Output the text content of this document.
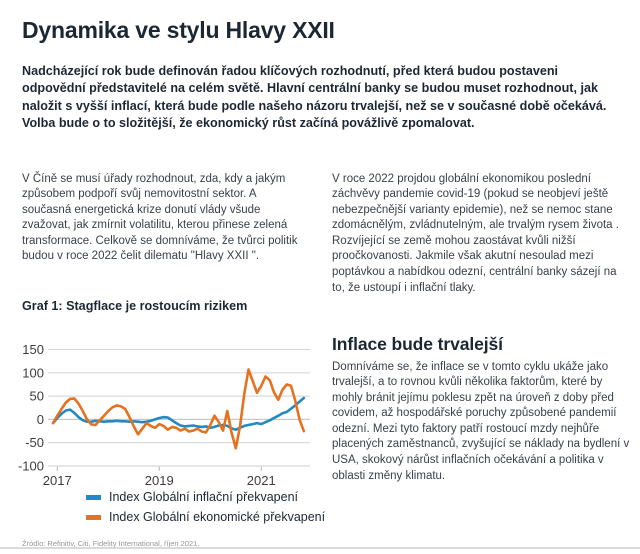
Dynamika ve stylu Hlavy XXII

Nadcházející rok bude definován řadou klíčových rozhodnutí, před která budou postaveni odpovědní představitelé na celém světě. Hlavní centrální banky se budou muset rozhodnout, jak naložit s vyšší inflací, která bude podle našeho názoru trvalejší, než se v současné době očekává. Volba bude o to složitější, že ekonomický růst začíná povážlivě zpomalovat.

V Číně se musí úřady rozhodnout, zda, kdy a jakým způsobem podpoří svůj nemovitostní sektor. A současná energetická krize donutí vlády všude zvažovat, jak zmírnit volatilitu, kterou přinese zelená transformace. Celkově se domníváme, že tvůrci politik budou v roce 2022 čelit dilematu "Hlavy XXII ".

Graf 1: Stagflace je rostoucím rizikem
150
100
50
0
-50
-100
2017	2019	2021
Index Globální inflační překvapení
Index Globální ekonomické překvapení

Źródlo: Refinitiv, Citi, Fidelity International, říjen 2021.

V roce 2022 projdou globální ekonomikou poslední záchvěvy pandemie covid-19 (pokud se neobjeví ještě nebezpečnější varianty epidemie), než se nemoc stane zdomácnělým, zvládnutelným, ale trvalým rysem života . Rozvíjející se země mohou zaostávat kvůli nižší proočkovanosti. Jakmile však akutní nesoulad mezi poptávkou a nabídkou odezní, centrální banky sázejí na to, že ustoupí i inflační tlaky.

Inflace bude trvalejší

Domníváme se, že inflace se v tomto cyklu ukáže jako trvalejší, a to rovnou kvůli několika faktorům, které by mohly bránit jejímu poklesu zpět na úroveň z doby před covidem, až hospodářské poruchy způsobené pandemií odezní. Mezi tyto faktory patří rostoucí mzdy nejhůře placených zaměstnanců, zvyšující se náklady na bydlení v USA, skokový nárůst inflačních očekávání a politika v oblasti změny klimatu.
